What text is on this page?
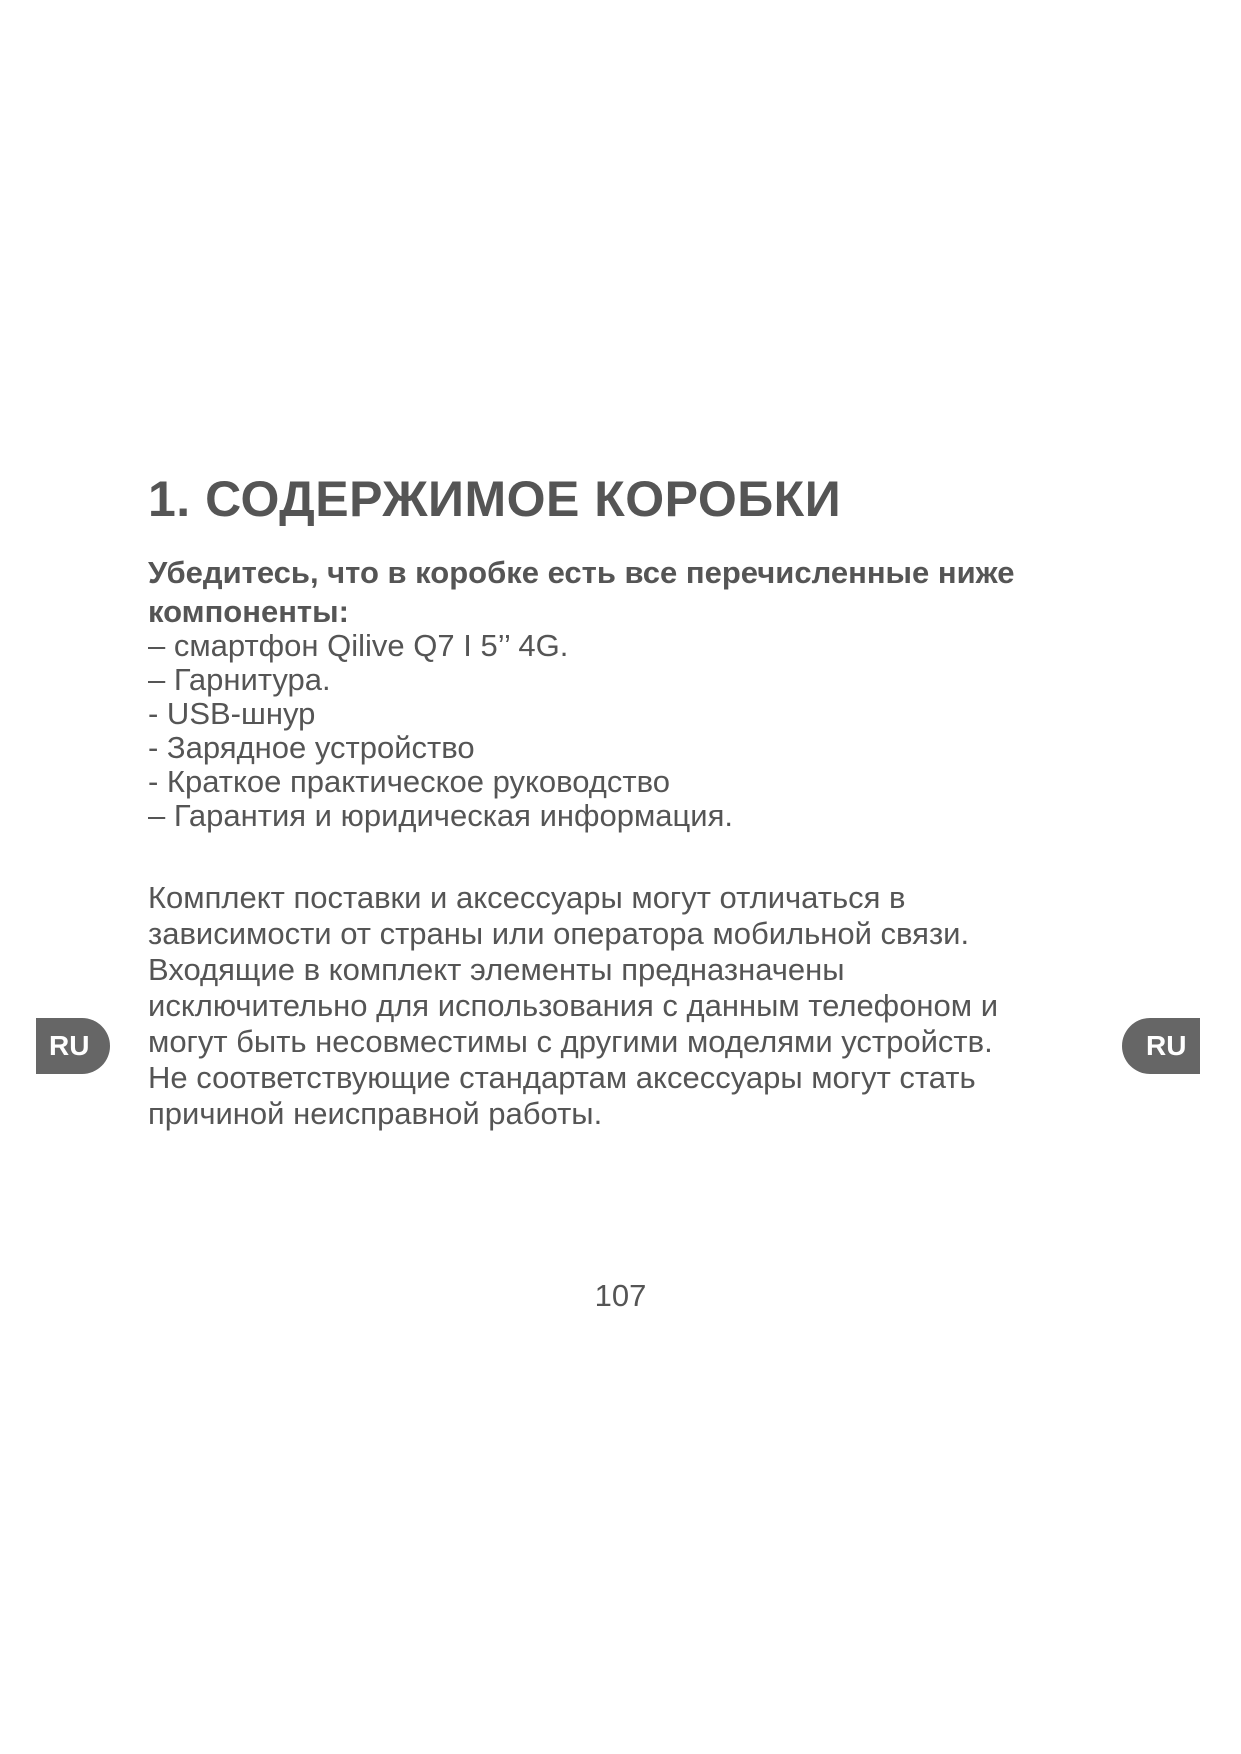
1. СОДЕРЖИМОЕ КОРОБКИ

Убедитесь, что в коробке есть все перечисленные ниже компоненты:

– смартфон Qilive Q7 I 5’’ 4G.
– Гарнитура.
- USB-шнур
- Зарядное устройство
- Краткое практическое руководство
– Гарантия и юридическая информация.

Комплект поставки и аксессуары могут отличаться в
зависимости от страны или оператора мобильной связи.
Входящие в комплект элементы предназначены
исключительно для использования с данным телефоном и
могут быть несовместимы с другими моделями устройств.
Не соответствующие стандартам аксессуары могут стать
причиной неисправной работы.

RU	RU
107
